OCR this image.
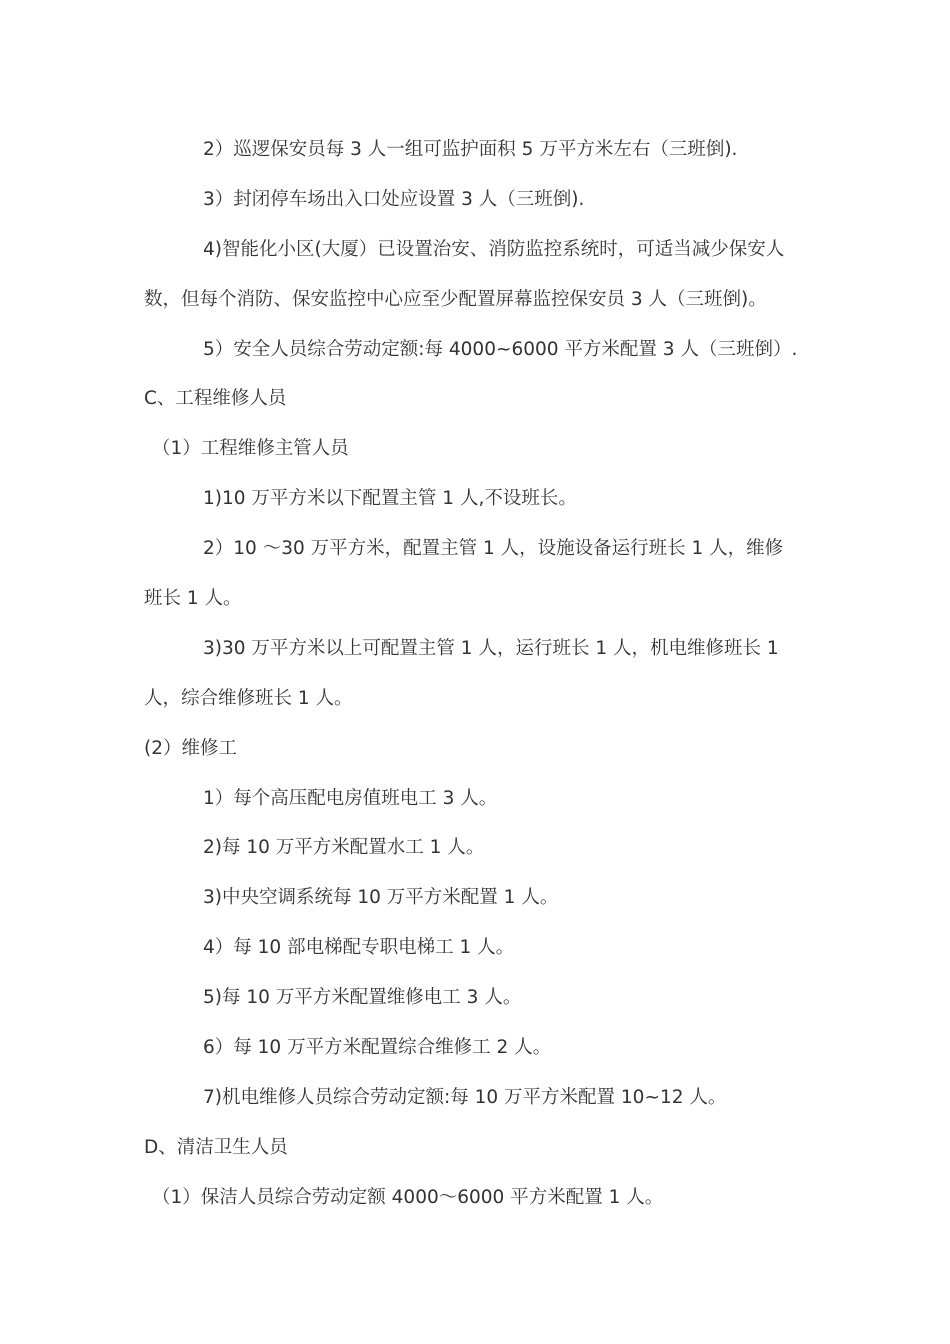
2）巡逻保安员每 3 人一组可监护面积 5 万平方米左右（三班倒).
3）封闭停车场出入口处应设置 3 人（三班倒).
4)智能化小区(大厦）已设置治安、消防监控系统时，可适当减少保安人
数，但每个消防、保安监控中心应至少配置屏幕监控保安员 3 人（三班倒)。
5）安全人员综合劳动定额:每 4000~6000 平方米配置 3 人（三班倒）.
C、工程维修人员
（1）工程维修主管人员
1)10 万平方米以下配置主管 1 人,不设班长。
2）10 ～30 万平方米，配置主管 1 人，设施设备运行班长 1 人，维修
班长 1 人。
3)30 万平方米以上可配置主管 1 人，运行班长 1 人，机电维修班长 1
人，综合维修班长 1 人。
(2）维修工
1）每个高压配电房值班电工 3 人。
2)每 10 万平方米配置水工 1 人。
3)中央空调系统每 10 万平方米配置 1 人。
4）每 10 部电梯配专职电梯工 1 人。
5)每 10 万平方米配置维修电工 3 人。
6）每 10 万平方米配置综合维修工 2 人。
7)机电维修人员综合劳动定额:每 10 万平方米配置 10~12 人。
D、清洁卫生人员
（1）保洁人员综合劳动定额 4000～6000 平方米配置 1 人。
